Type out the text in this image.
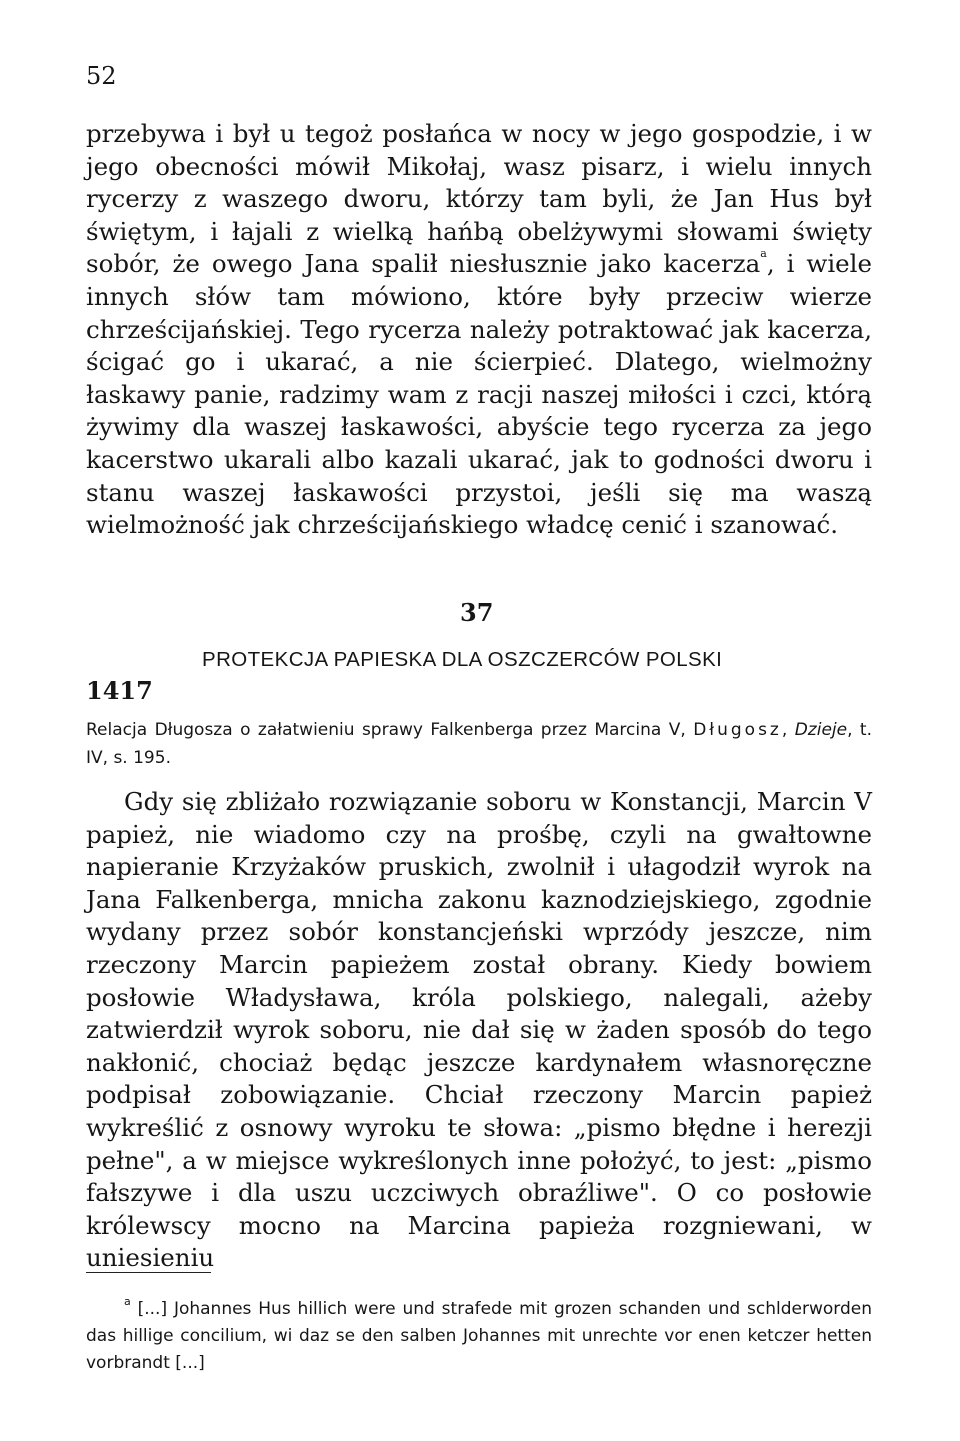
52

przebywa i był u tegoż posłańca w nocy w jego gospodzie, i w jego obecności mówił Mikołaj, wasz pisarz, i wielu innych rycerzy z waszego dworu, którzy tam byli, że Jan Hus był świętym, i łajali z wielką hańbą obelżywymi słowami święty sobór, że owego Jana spalił niesłusznie jako kacerza$^a$, i wiele innych słów tam mówiono, które były przeciw wierze chrześcijańskiej. Tego rycerza należy potraktować jak kacerza, ścigać go i ukarać, a nie ścierpieć. Dlatego, wielmożny łaskawy panie, radzimy wam z racji naszej miłości i czci, którą żywimy dla waszej łaskawości, abyście tego rycerza za jego kacerstwo ukarali albo kazali ukarać, jak to godności dworu i stanu waszej łaskawości przystoi, jeśli się ma waszą wielmożność jak chrześcijańskiego władcę cenić i szanować.

37
PROTEKCJA PAPIESKA DLA OSZCZERCÓW POLSKI
1417

Relacja Długosza o załatwieniu sprawy Falkenberga przez Marcina V, Długosz, Dzieje, t. IV, s. 195.

Gdy się zbliżało rozwiązanie soboru w Konstancji, Marcin V papież, nie wiadomo czy na prośbę, czyli na gwałtowne napieranie Krzyżaków pruskich, zwolnił i ułagodził wyrok na Jana Falkenberga, mnicha zakonu kaznodziejskiego, zgodnie wydany przez sobór konstancjeński wprzódy jeszcze, nim rzeczony Marcin papieżem został obrany. Kiedy bowiem posłowie Władysława, króla polskiego, nalegali, ażeby zatwierdził wyrok soboru, nie dał się w żaden sposób do tego nakłonić, chociaż będąc jeszcze kardynałem własnoręczne podpisał zobowiązanie. Chciał rzeczony Marcin papież wykreślić z osnowy wyroku te słowa: „pismo błędne i herezji pełne", a w miejsce wykreślonych inne położyć, to jest: „pismo fałszywe i dla uszu uczciwych obraźliwe". O co posłowie królewscy mocno na Marcina papieża rozgniewani, w uniesieniu

$^a$ [...] Johannes Hus hillich were und strafede mit grozen schanden und schlderworden das hillige concilium, wi daz se den salben Johannes mit unrechte vor enen ketczer hetten vorbrandt [...]
